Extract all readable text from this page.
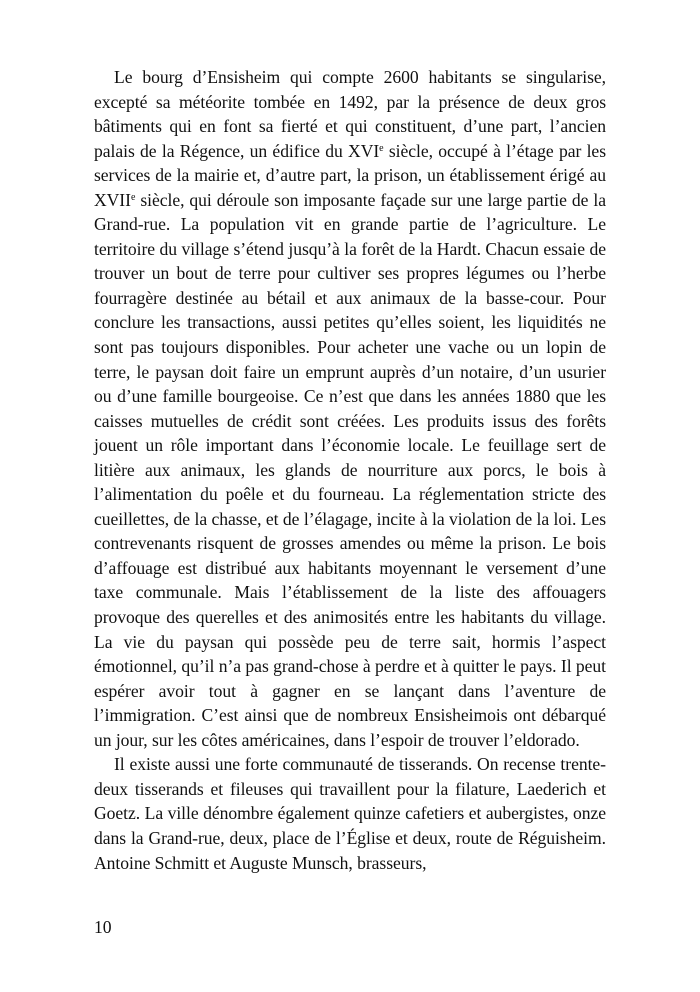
Le bourg d’Ensisheim qui compte 2600 habitants se singularise, excepté sa météorite tombée en 1492, par la présence de deux gros bâtiments qui en font sa fierté et qui constituent, d’une part, l’ancien palais de la Régence, un édifice du XVIe siècle, occupé à l’étage par les services de la mairie et, d’autre part, la prison, un établissement érigé au XVIIe siècle, qui déroule son imposante façade sur une large partie de la Grand-rue. La population vit en grande partie de l’agriculture. Le territoire du village s’étend jusqu’à la forêt de la Hardt. Chacun essaie de trouver un bout de terre pour cultiver ses propres légumes ou l’herbe fourragère destinée au bétail et aux animaux de la basse-cour. Pour conclure les transactions, aussi petites qu’elles soient, les liquidités ne sont pas toujours disponibles. Pour acheter une vache ou un lopin de terre, le paysan doit faire un emprunt auprès d’un notaire, d’un usurier ou d’une famille bourgeoise. Ce n’est que dans les années 1880 que les caisses mutuelles de crédit sont créées. Les produits issus des forêts jouent un rôle important dans l’économie locale. Le feuillage sert de litière aux animaux, les glands de nourriture aux porcs, le bois à l’alimentation du poêle et du fourneau. La réglementation stricte des cueillettes, de la chasse, et de l’élagage, incite à la violation de la loi. Les contrevenants risquent de grosses amendes ou même la prison. Le bois d’affouage est distribué aux habitants moyennant le versement d’une taxe communale. Mais l’établissement de la liste des affouagers provoque des querelles et des animosités entre les habitants du village. La vie du paysan qui possède peu de terre sait, hormis l’aspect émotionnel, qu’il n’a pas grand-chose à perdre et à quitter le pays. Il peut espérer avoir tout à gagner en se lançant dans l’aventure de l’immigration. C’est ainsi que de nombreux Ensisheimois ont débarqué un jour, sur les côtes américaines, dans l’espoir de trouver l’eldorado.

Il existe aussi une forte communauté de tisserands. On recense trente-deux tisserands et fileuses qui travaillent pour la filature, Laederich et Goetz. La ville dénombre également quinze cafetiers et aubergistes, onze dans la Grand-rue, deux, place de l’Église et deux, route de Réguisheim. Antoine Schmitt et Auguste Munsch, brasseurs,

10
